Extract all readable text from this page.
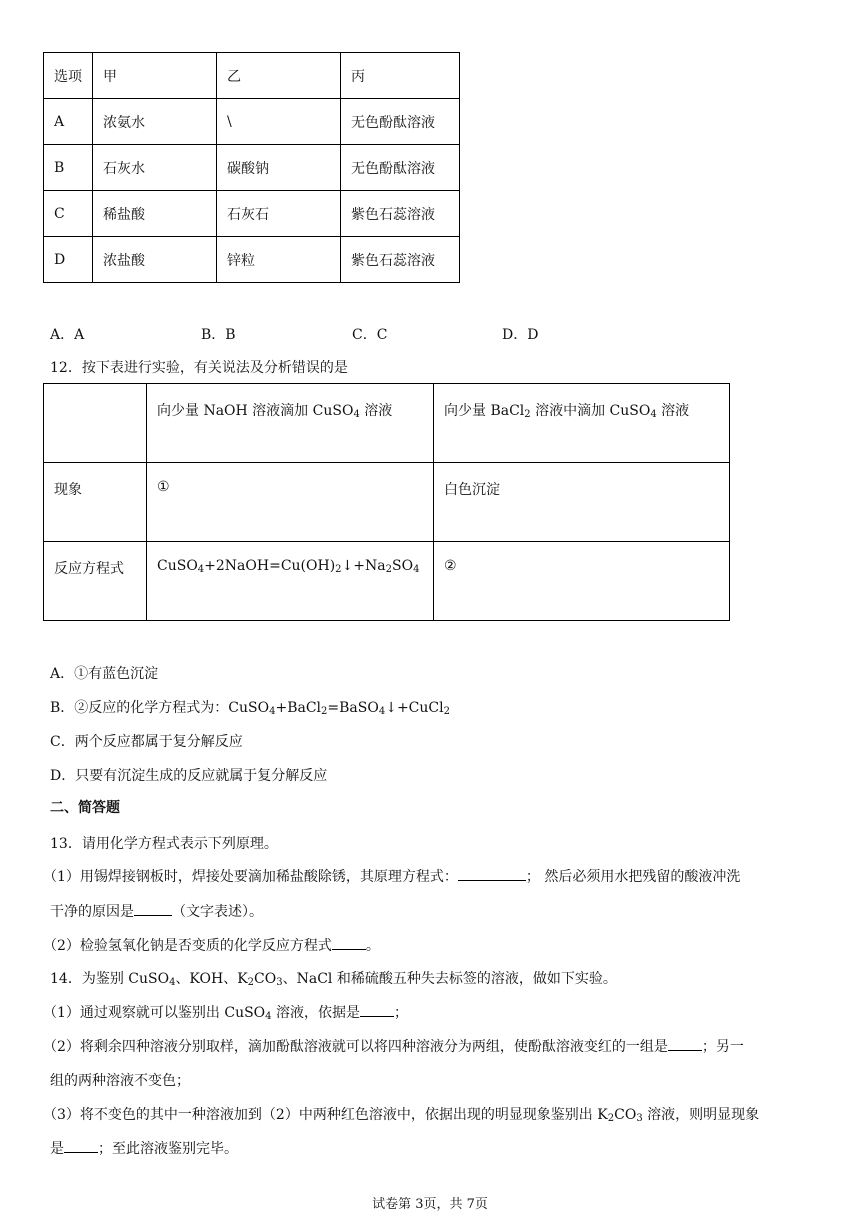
选项	甲	乙	丙
A	浓氨水	\	无色酚酞溶液
B	石灰水	碳酸钠	无色酚酞溶液
C	稀盐酸	石灰石	紫色石蕊溶液
D	浓盐酸	锌粒	紫色石蕊溶液
A．A	B．B	C．C	D．D
12．按下表进行实验，有关说法及分析错误的是
	向少量 NaOH 溶液滴加 CuSO$_4$ 溶液	向少量 BaCl$_2$ 溶液中滴加 CuSO$_4$ 溶液
现象	①	白色沉淀
反应方程式	$CuSO_4+2NaOH=Cu(OH)_2↓+Na_2SO_4$	②
A．①有蓝色沉淀
B．②反应的化学方程式为：CuSO$_4$+BaCl$_2$=BaSO$_4$↓+CuCl$_2$
C．两个反应都属于复分解反应
D．只要有沉淀生成的反应就属于复分解反应
二、简答题
13．请用化学方程式表示下列原理。
（1）用锡焊接钢板时，焊接处要滴加稀盐酸除锈，其原理方程式：	； 然后必须用水把残留的酸液冲洗
干净的原因是	（文字表述）。
（2）检验氢氧化钠是否变质的化学反应方程式 。
14．为鉴别 CuSO$_4$、KOH、$K_2CO_3$、NaCl 和稀硫酸五种失去标签的溶液，做如下实验。
（1）通过观察就可以鉴别出 CuSO$_4$ 溶液，依据是 ；
（2）将剩余四种溶液分别取样，滴加酚酞溶液就可以将四种溶液分为两组，使酚酞溶液变红的一组是 ；另一
组的两种溶液不变色；
（3）将不变色的其中一种溶液加到（2）中两种红色溶液中，依据出现的明显现象鉴别出 $K_2CO_3$ 溶液，则明显现象
是 ；至此溶液鉴别完毕。
试卷第 3页，共 7页
